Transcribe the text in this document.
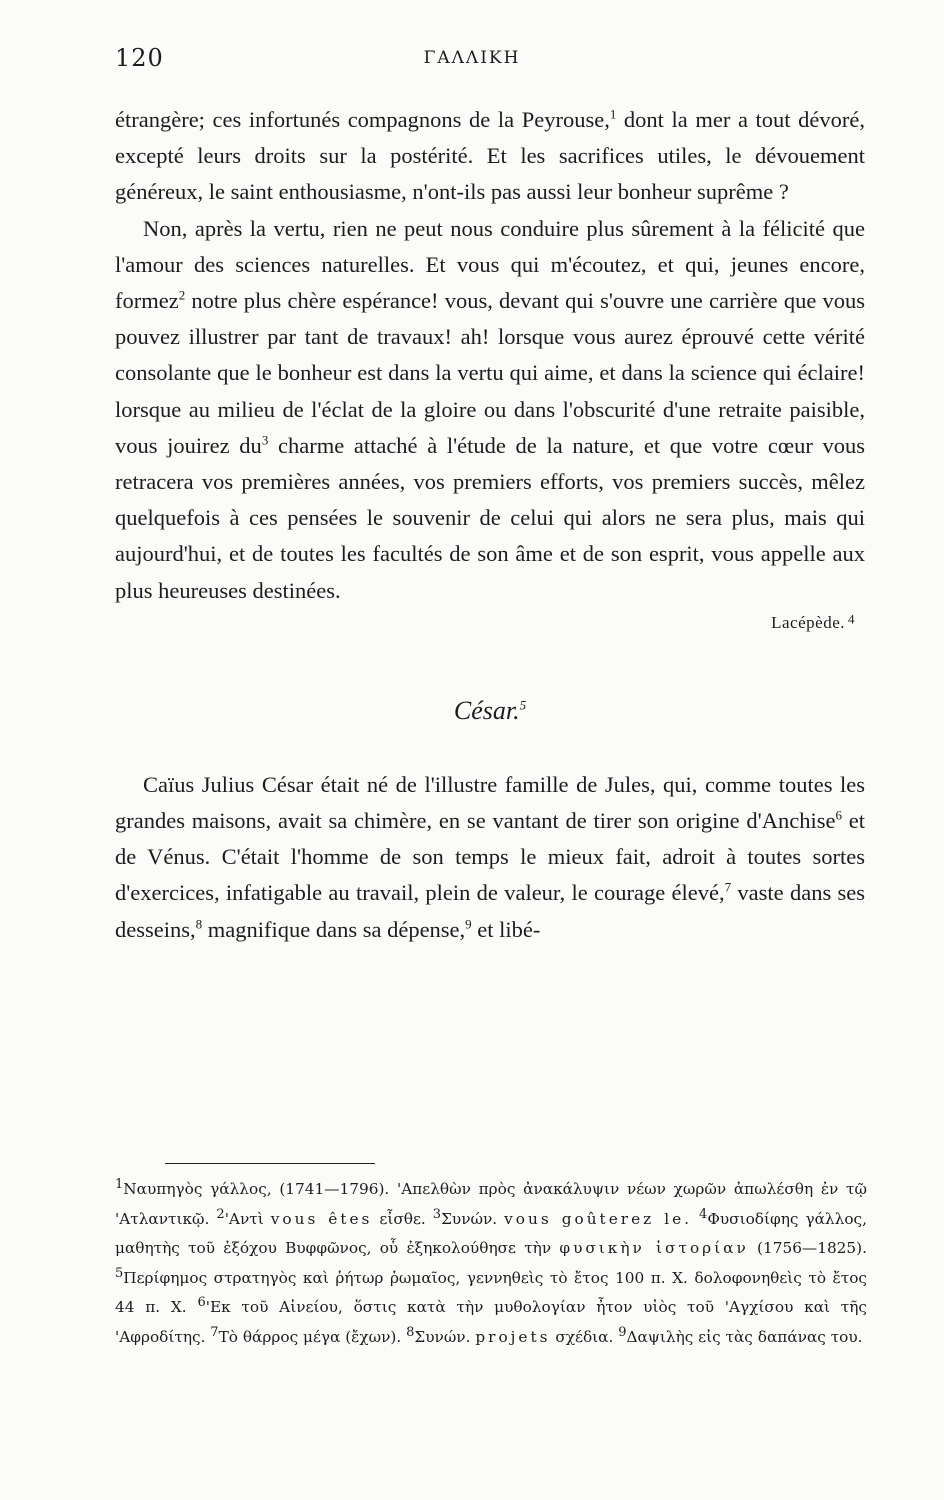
120	ΓΑΛΛΙΚΗ

étrangère; ces infortunés compagnons de la Peyrouse,$^1$ dont la mer a tout dévoré, excepté leurs droits sur la postérité. Et les sacrifices utiles, le dévouement généreux, le saint enthousiasme, n'ont-ils pas aussi leur bonheur suprême ?

Non, après la vertu, rien ne peut nous conduire plus sûrement à la félicité que l'amour des sciences naturelles. Et vous qui m'écoutez, et qui, jeunes encore, formez$^2$ notre plus chère espérance! vous, devant qui s'ouvre une carrière que vous pouvez illustrer par tant de travaux! ah! lorsque vous aurez éprouvé cette vérité consolante que le bonheur est dans la vertu qui aime, et dans la science qui éclaire! lorsque au milieu de l'éclat de la gloire ou dans l'obscurité d'une retraite paisible, vous jouirez $du^3$ charme attaché à l'étude de la nature, et que votre cœur vous retracera vos premières années, vos premiers efforts, vos premiers succès, mêlez quelquefois à ces pensées le souvenir de celui qui alors ne sera plus, mais qui aujourd'hui, et de toutes les facultés de son âme et de son esprit, vous appelle aux plus heureuses destinées.

Lacépède. $^4$
César.$^5$

Caïus Julius César était né de l'illustre famille de Jules, qui, comme toutes les grandes maisons, avait sa chimère, en se vantant de tirer son origine d'Anchise$^6$ et de Vénus. C'était l'homme de son temps le mieux fait, adroit à toutes sortes d'exercices, infatigable au travail, plein de valeur, le courage élevé,$^7$ vaste dans ses desseins,$^8$ magnifique dans sa dépense,$^9$ et libé-

$^1$Ναυπηγὸς γάλλος, (1741—1796). 'Απελθὼν πρὸς ἀνακάλυψιν νέων χωρῶν ἀπωλέσθη ἐν τῷ 'Ατλαντικῷ. $^2$'Αντὶ vous êtes εἶσθε. $^3$Συνών. vous goûterez le. $^4$Φυσιοδίφης γάλλος, μαθητὴς τοῦ ἐξόχου Βυφφῶνος, οὗ ἐξηκολούθησε τὴν φυσικὴν ἱστορίαν (1756—1825). $^5$Περίφημος στρατηγὸς καὶ ῥήτωρ ῥωμαῖος, γεννηθεὶς τὸ ἔτος 100 π. Χ. δολοφονηθεὶς τὸ ἔτος 44 π. Χ. $^6$'Εκ τοῦ Αἰνείου, ὅστις κατὰ τὴν μυθολογίαν ἦτον υἱὸς τοῦ 'Αγχίσου καὶ τῆς 'Αφροδίτης. $^7$Τὸ θάρρος μέγα (ἔχων). $^8$Συνών. projets σχέδια. $^9$Δαψιλὴς εἰς τὰς δαπάνας του.
